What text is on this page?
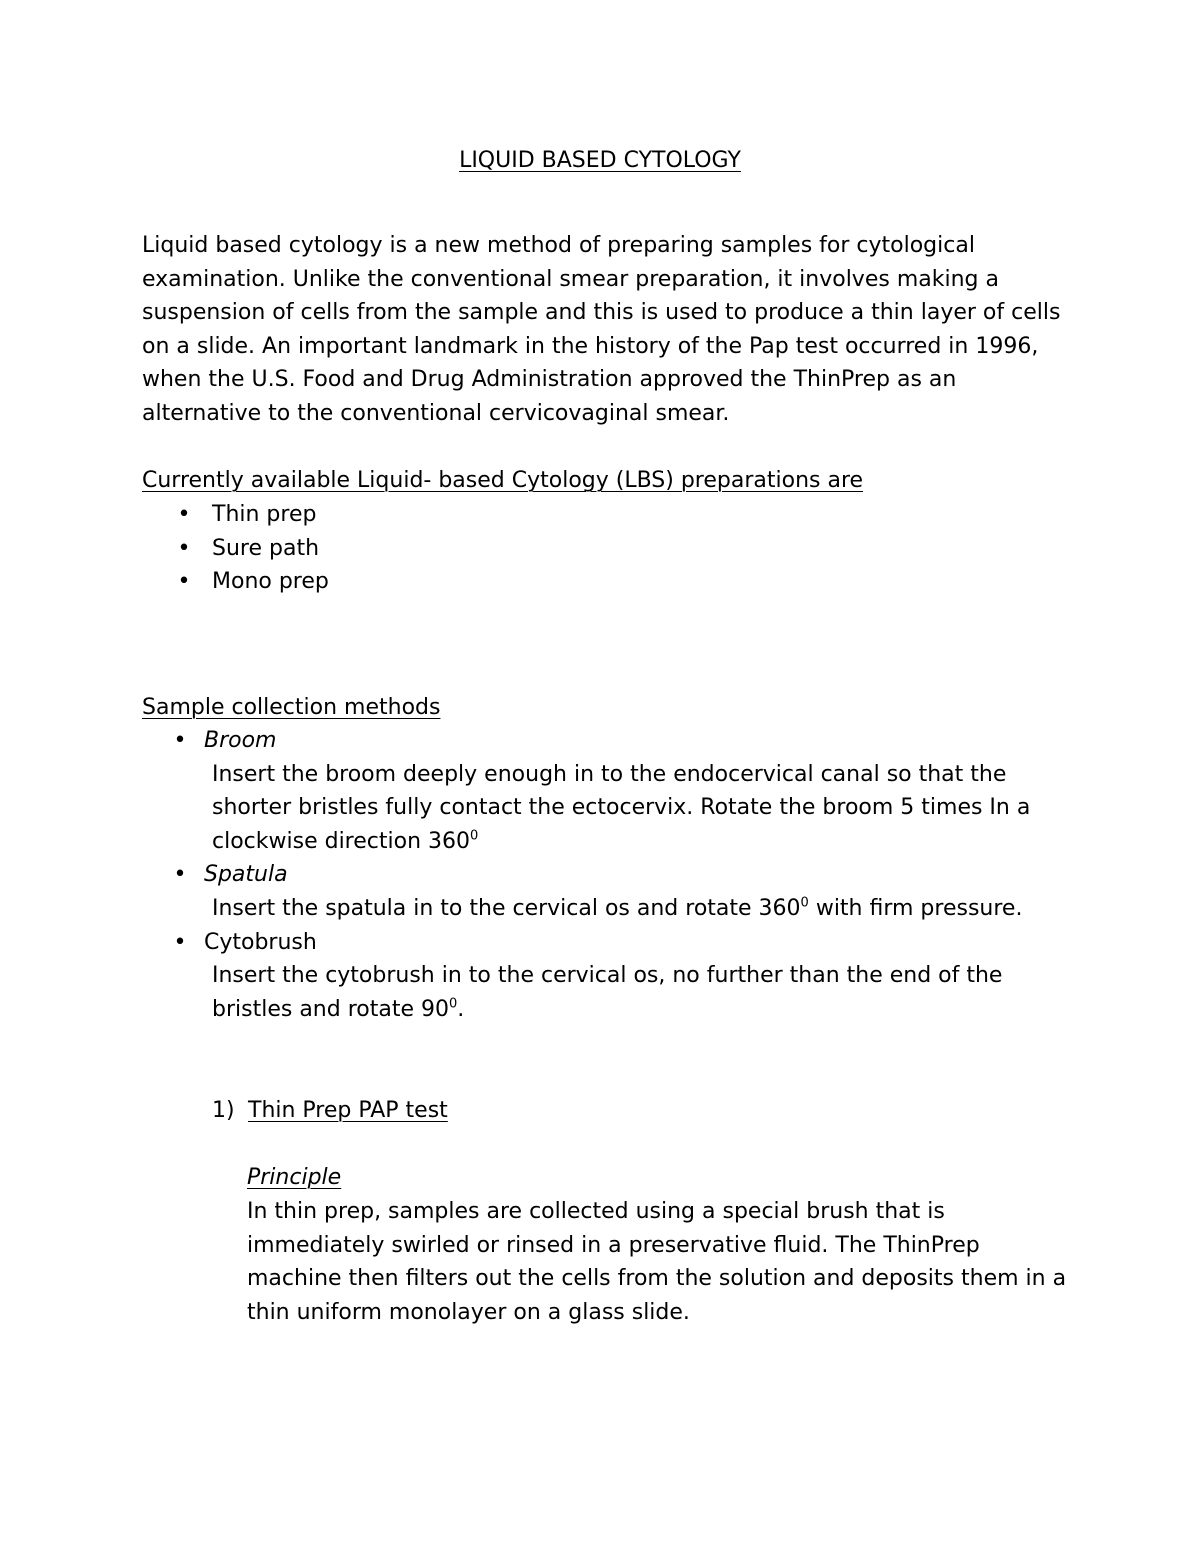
LIQUID BASED CYTOLOGY

Liquid based cytology is a new method of preparing samples for cytological examination. Unlike the conventional smear preparation, it involves making a suspension of cells from the sample and this is used to produce a thin layer of cells on a slide. An important landmark in the history of the Pap test occurred in 1996, when the U.S. Food and Drug Administration approved the ThinPrep as an alternative to the conventional cervicovaginal smear.

Currently available Liquid- based Cytology (LBS) preparations are

• Thin prep
• Sure path
• Mono prep

Sample collection methods

• Broom
Insert the broom deeply enough in to the endocervical canal so that the shorter bristles fully contact the ectocervix. Rotate the broom 5 times In a clockwise direction $360^0$
• Spatula
Insert the spatula in to the cervical os and rotate $360^0$ with firm pressure.
• Cytobrush
Insert the cytobrush in to the cervical os, no further than the end of the bristles and rotate $90^0$.

1) Thin Prep PAP test

Principle

In thin prep, samples are collected using a special brush that is immediately swirled or rinsed in a preservative fluid. The ThinPrep machine then filters out the cells from the solution and deposits them in a thin uniform monolayer on a glass slide.
